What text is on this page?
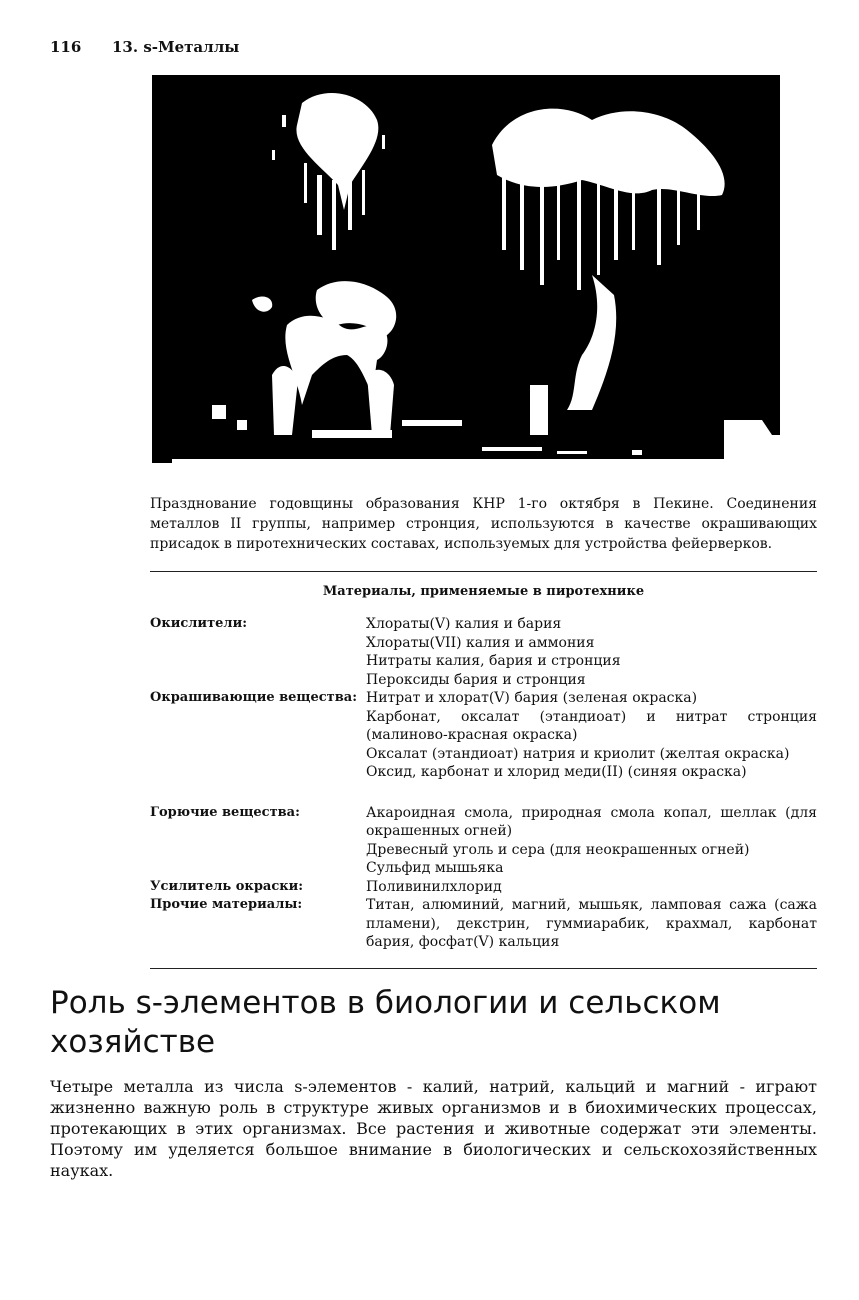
116 13. s-Металлы
Празднование годовщины образования КНР 1-го октября в Пекине. Соединения металлов II группы, например стронция, используются в качестве окрашивающих присадок в пиротехнических составах, используемых для устройства фейерверков.
Материалы, применяемые в пиротехнике
Окислители:	Хлораты(V) калия и бария
Хлораты(VII) калия и аммония
Нитраты калия, бария и стронция
Пероксиды бария и стронция

Окрашивающие вещества:	Нитрат и хлорат(V) бария (зеленая окраска)
Карбонат, оксалат (этандиоат) и нитрат стронция (малиново-красная окраска)
Оксалат (этандиоат) натрия и криолит (желтая окраска)
Оксид, карбонат и хлорид меди(II) (синяя окраска)

Горючие вещества:	Акароидная смола, природная смола копал, шеллак (для окрашенных огней)
Древесный уголь и сера (для неокрашенных огней)
Сульфид мышьяка

Усилитель окраски:	Поливинилхлорид

Прочие материалы:	Титан, алюминий, магний, мышьяк, ламповая сажа (сажа пламени), декстрин, гуммиарабик, крахмал, карбонат бария, фосфат(V) кальция
Роль s-элементов в биологии и сельском хозяйстве

Четыре металла из числа s-элементов - калий, натрий, кальций и магний - играют жизненно важную роль в структуре живых организмов и в биохимических процессах, протекающих в этих организмах. Все растения и животные содержат эти элементы. Поэтому им уделяется большое внимание в биологических и сельскохозяйственных науках.
